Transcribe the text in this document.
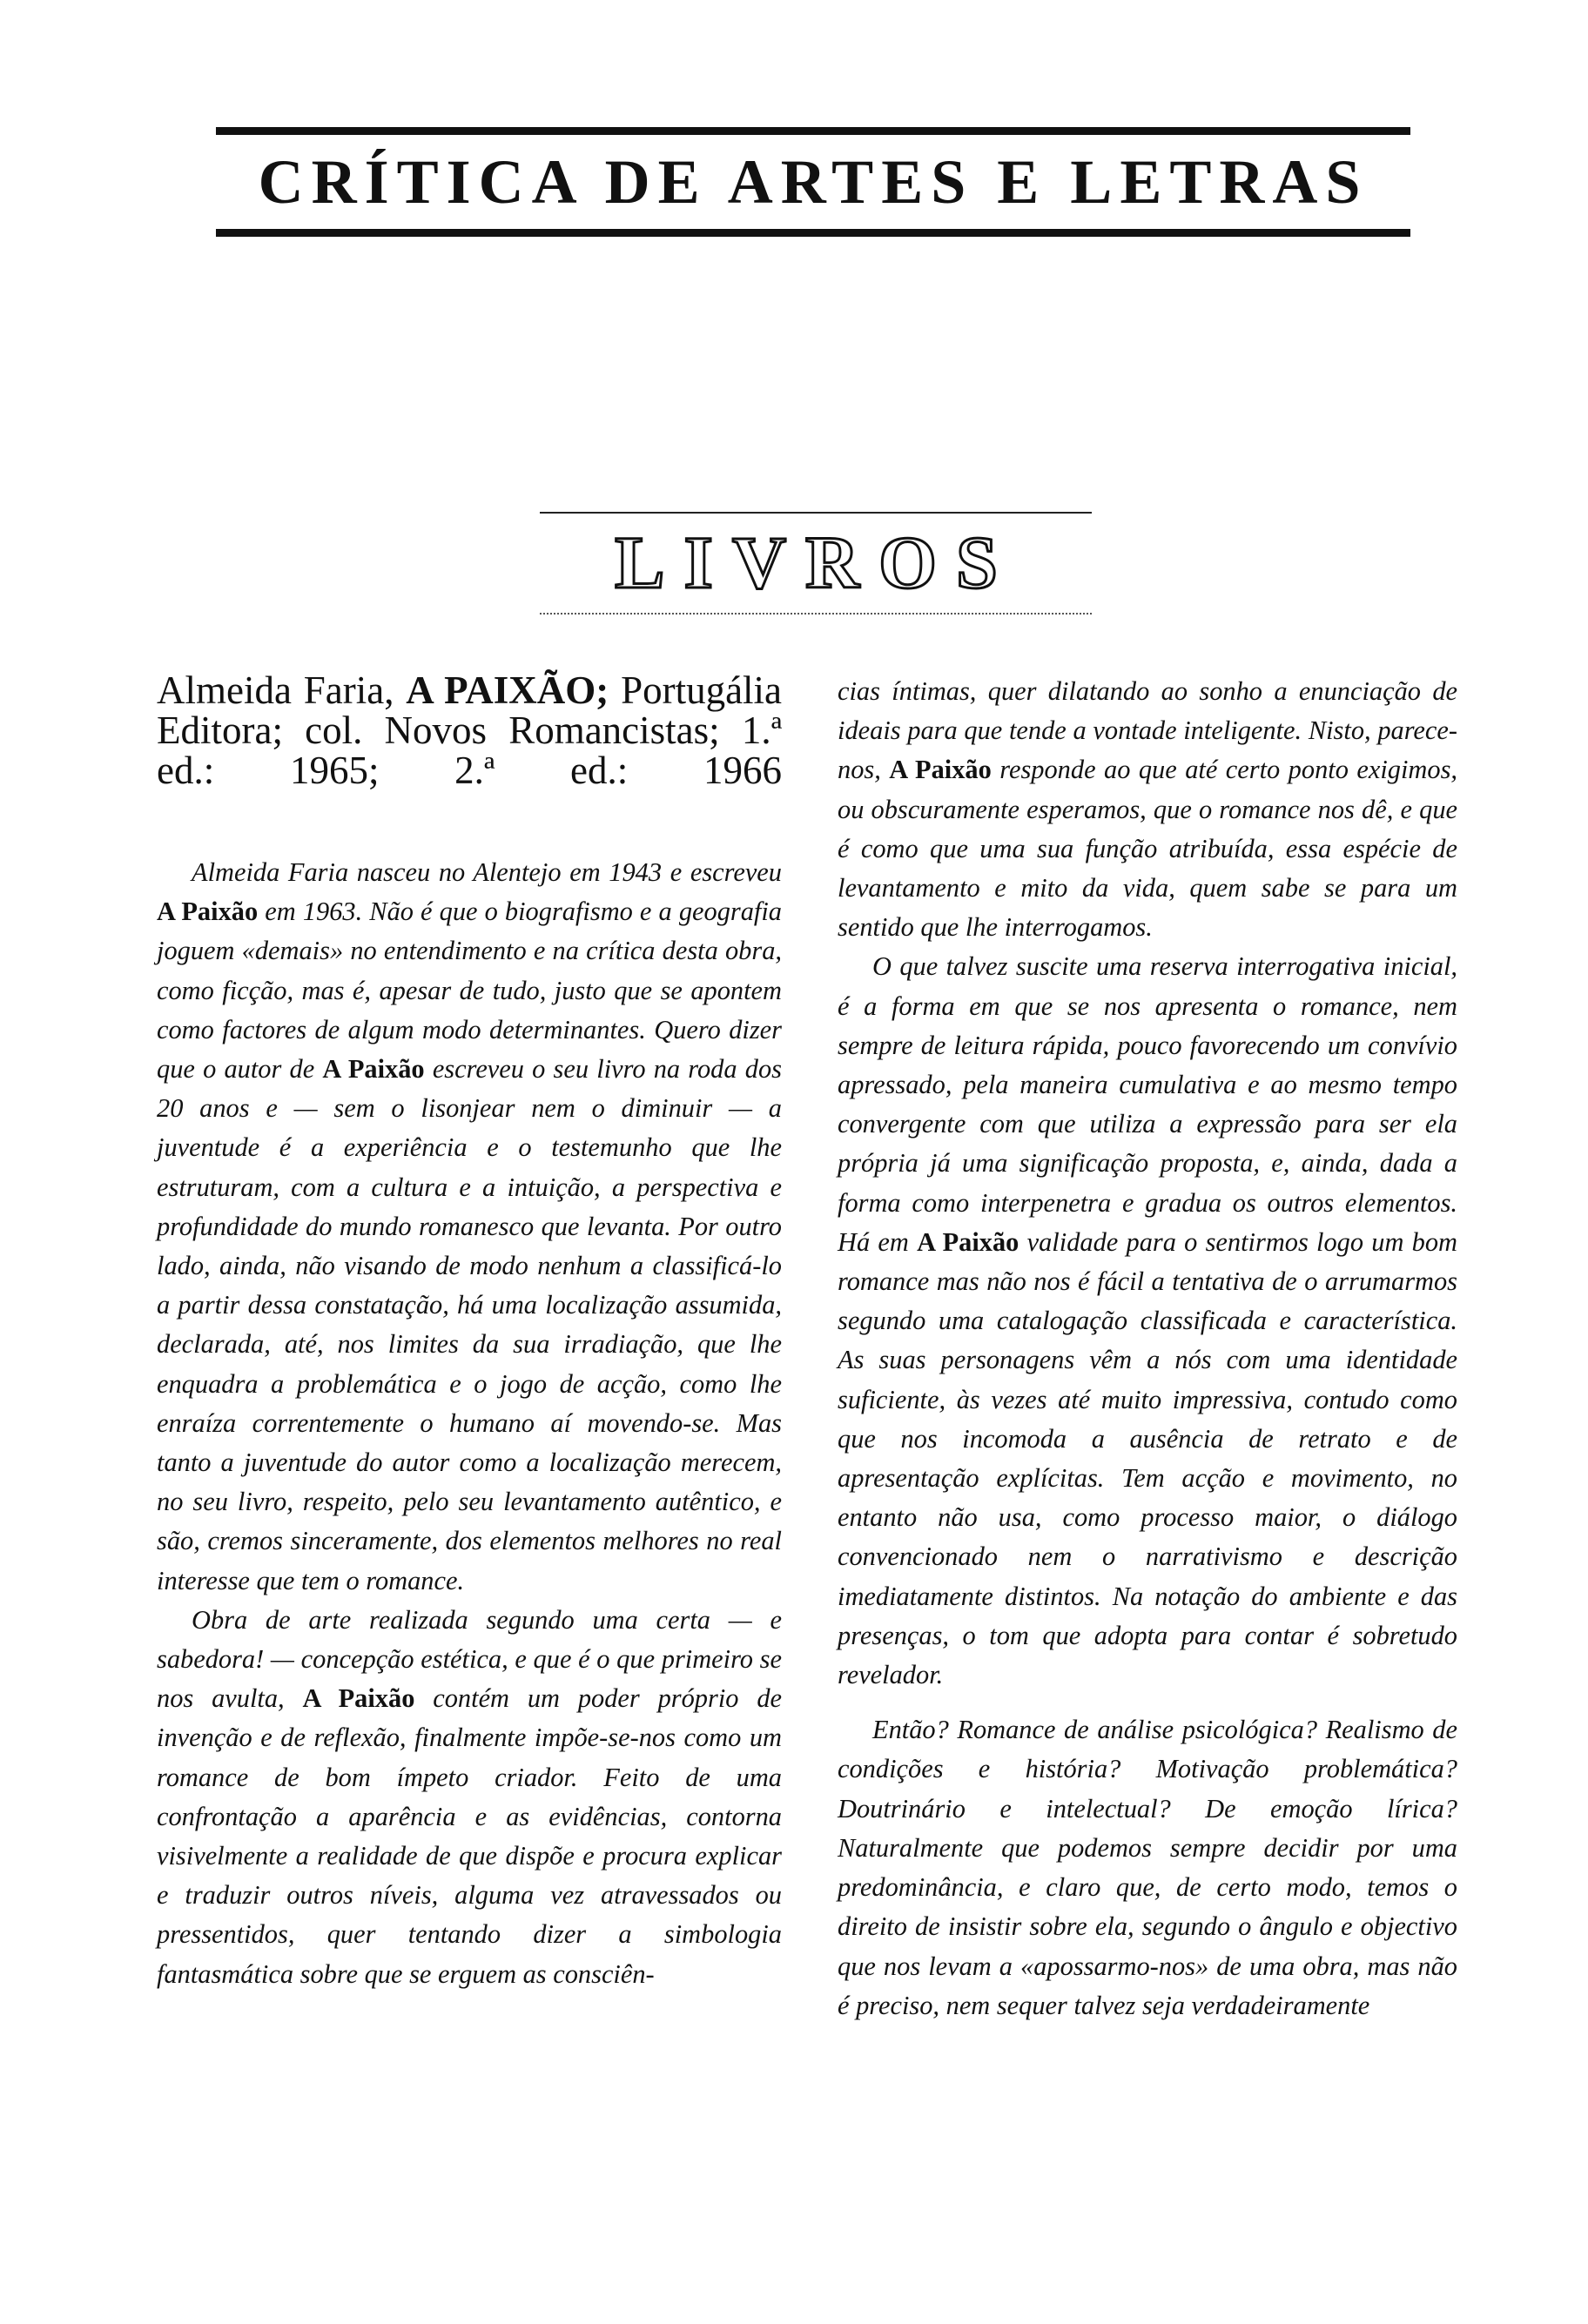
CRÍTICA DE ARTES E LETRAS
LIVROS

Almeida Faria, A PAIXÃO; Portugália Editora; col. Novos Romancistas; 1.ª ed.: 1965; 2.ª ed.: 1966

Almeida Faria nasceu no Alentejo em 1943 e escreveu A Paixão em 1963. Não é que o biografismo e a geografia joguem «demais» no entendimento e na crítica desta obra, como ficção, mas é, apesar de tudo, justo que se apontem como factores de algum modo determinantes. Quero dizer que o autor de A Paixão escreveu o seu livro na roda dos 20 anos e — sem o lisonjear nem o diminuir — a juventude é a experiência e o testemunho que lhe estruturam, com a cultura e a intuição, a perspectiva e profundidade do mundo romanesco que levanta. Por outro lado, ainda, não visando de modo nenhum a classificá-lo a partir dessa constatação, há uma localização assumida, declarada, até, nos limites da sua irradiação, que lhe enquadra a problemática e o jogo de acção, como lhe enraíza correntemente o humano aí movendo-se. Mas tanto a juventude do autor como a localização merecem, no seu livro, respeito, pelo seu levantamento autêntico, e são, cremos sinceramente, dos elementos melhores no real interesse que tem o romance.

Obra de arte realizada segundo uma certa — e sabedora! — concepção estética, e que é o que primeiro se nos avulta, A Paixão contém um poder próprio de invenção e de reflexão, finalmente impõe-se-nos como um romance de bom ímpeto criador. Feito de uma confrontação a aparência e as evidências, contorna visivelmente a realidade de que dispõe e procura explicar e traduzir outros níveis, alguma vez atravessados ou pressentidos, quer tentando dizer a simbologia fantasmática sobre que se erguem as consciên-

cias íntimas, quer dilatando ao sonho a enunciação de ideais para que tende a vontade inteligente. Nisto, parece-nos, A Paixão responde ao que até certo ponto exigimos, ou obscuramente esperamos, que o romance nos dê, e que é como que uma sua função atribuída, essa espécie de levantamento e mito da vida, quem sabe se para um sentido que lhe interrogamos.

O que talvez suscite uma reserva interrogativa inicial, é a forma em que se nos apresenta o romance, nem sempre de leitura rápida, pouco favorecendo um convívio apressado, pela maneira cumulativa e ao mesmo tempo convergente com que utiliza a expressão para ser ela própria já uma significação proposta, e, ainda, dada a forma como interpenetra e gradua os outros elementos. Há em A Paixão validade para o sentirmos logo um bom romance mas não nos é fácil a tentativa de o arrumarmos segundo uma catalogação classificada e característica. As suas personagens vêm a nós com uma identidade suficiente, às vezes até muito impressiva, contudo como que nos incomoda a ausência de retrato e de apresentação explícitas. Tem acção e movimento, no entanto não usa, como processo maior, o diálogo convencionado nem o narrativismo e descrição imediatamente distintos. Na notação do ambiente e das presenças, o tom que adopta para contar é sobretudo revelador.

Então? Romance de análise psicológica? Realismo de condições e história? Motivação problemática? Doutrinário e intelectual? De emoção lírica? Naturalmente que podemos sempre decidir por uma predominância, e claro que, de certo modo, temos o direito de insistir sobre ela, segundo o ângulo e objectivo que nos levam a «apossarmo-nos» de uma obra, mas não é preciso, nem sequer talvez seja verdadeiramente
